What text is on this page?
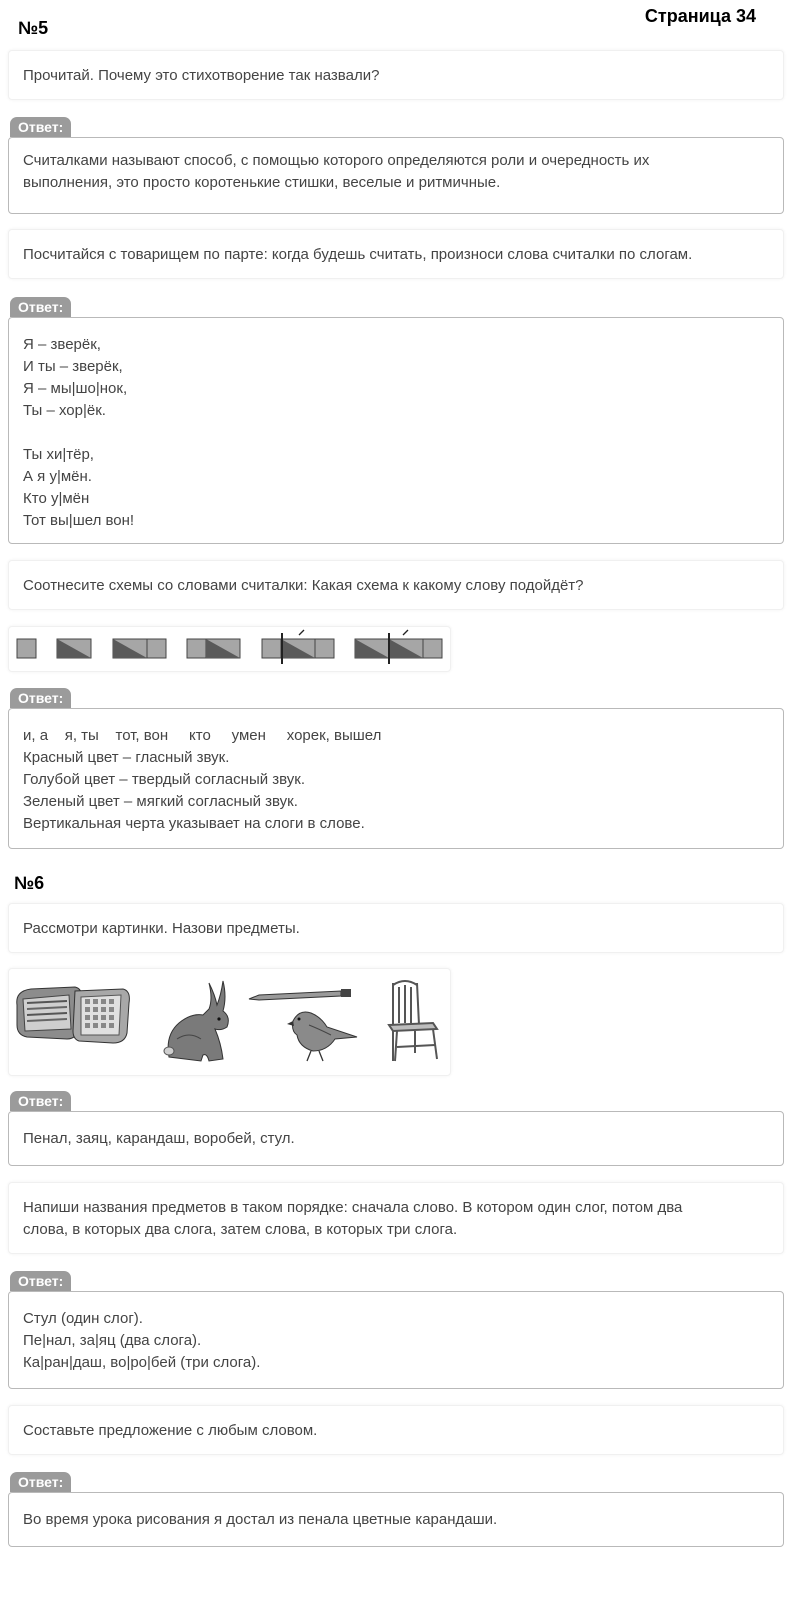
Страница 34
№5
Прочитай. Почему это стихотворение так назвали?
Ответ:
Считалками называют способ, с помощью которого определяются роли и очередность их
выполнения, это просто коротенькие стишки, веселые и ритмичные.
Посчитайся с товарищем по парте: когда будешь считать, произноси слова считалки по слогам.
Ответ:
Я – зверёк,
И ты – зверёк,
Я – мы|шо|нок,
Ты – хор|ёк.
Ты хи|тёр,
А я у|мён.
Кто у|мён
Тот вы|шел вон!
Соотнесите схемы со словами считалки: Какая схема к какому слову подойдёт?
Ответ:
и, а    я, ты    тот, вон     кто     умен     хорек, вышел
Красный цвет – гласный звук.
Голубой цвет – твердый согласный звук.
Зеленый цвет – мягкий согласный звук.
Вертикальная черта указывает на слоги в слове.
№6
Рассмотри картинки. Назови предметы.
Ответ:
Пенал, заяц, карандаш, воробей, стул.
Напиши названия предметов в таком порядке: сначала слово. В котором один слог, потом два
слова, в которых два слога, затем слова, в которых три слога.
Ответ:
Стул (один слог).
Пе|нал, за|яц (два слога).
Ка|ран|даш, во|ро|бей (три слога).
Составьте предложение с любым словом.
Ответ:
Во время урока рисования я достал из пенала цветные карандаши.
